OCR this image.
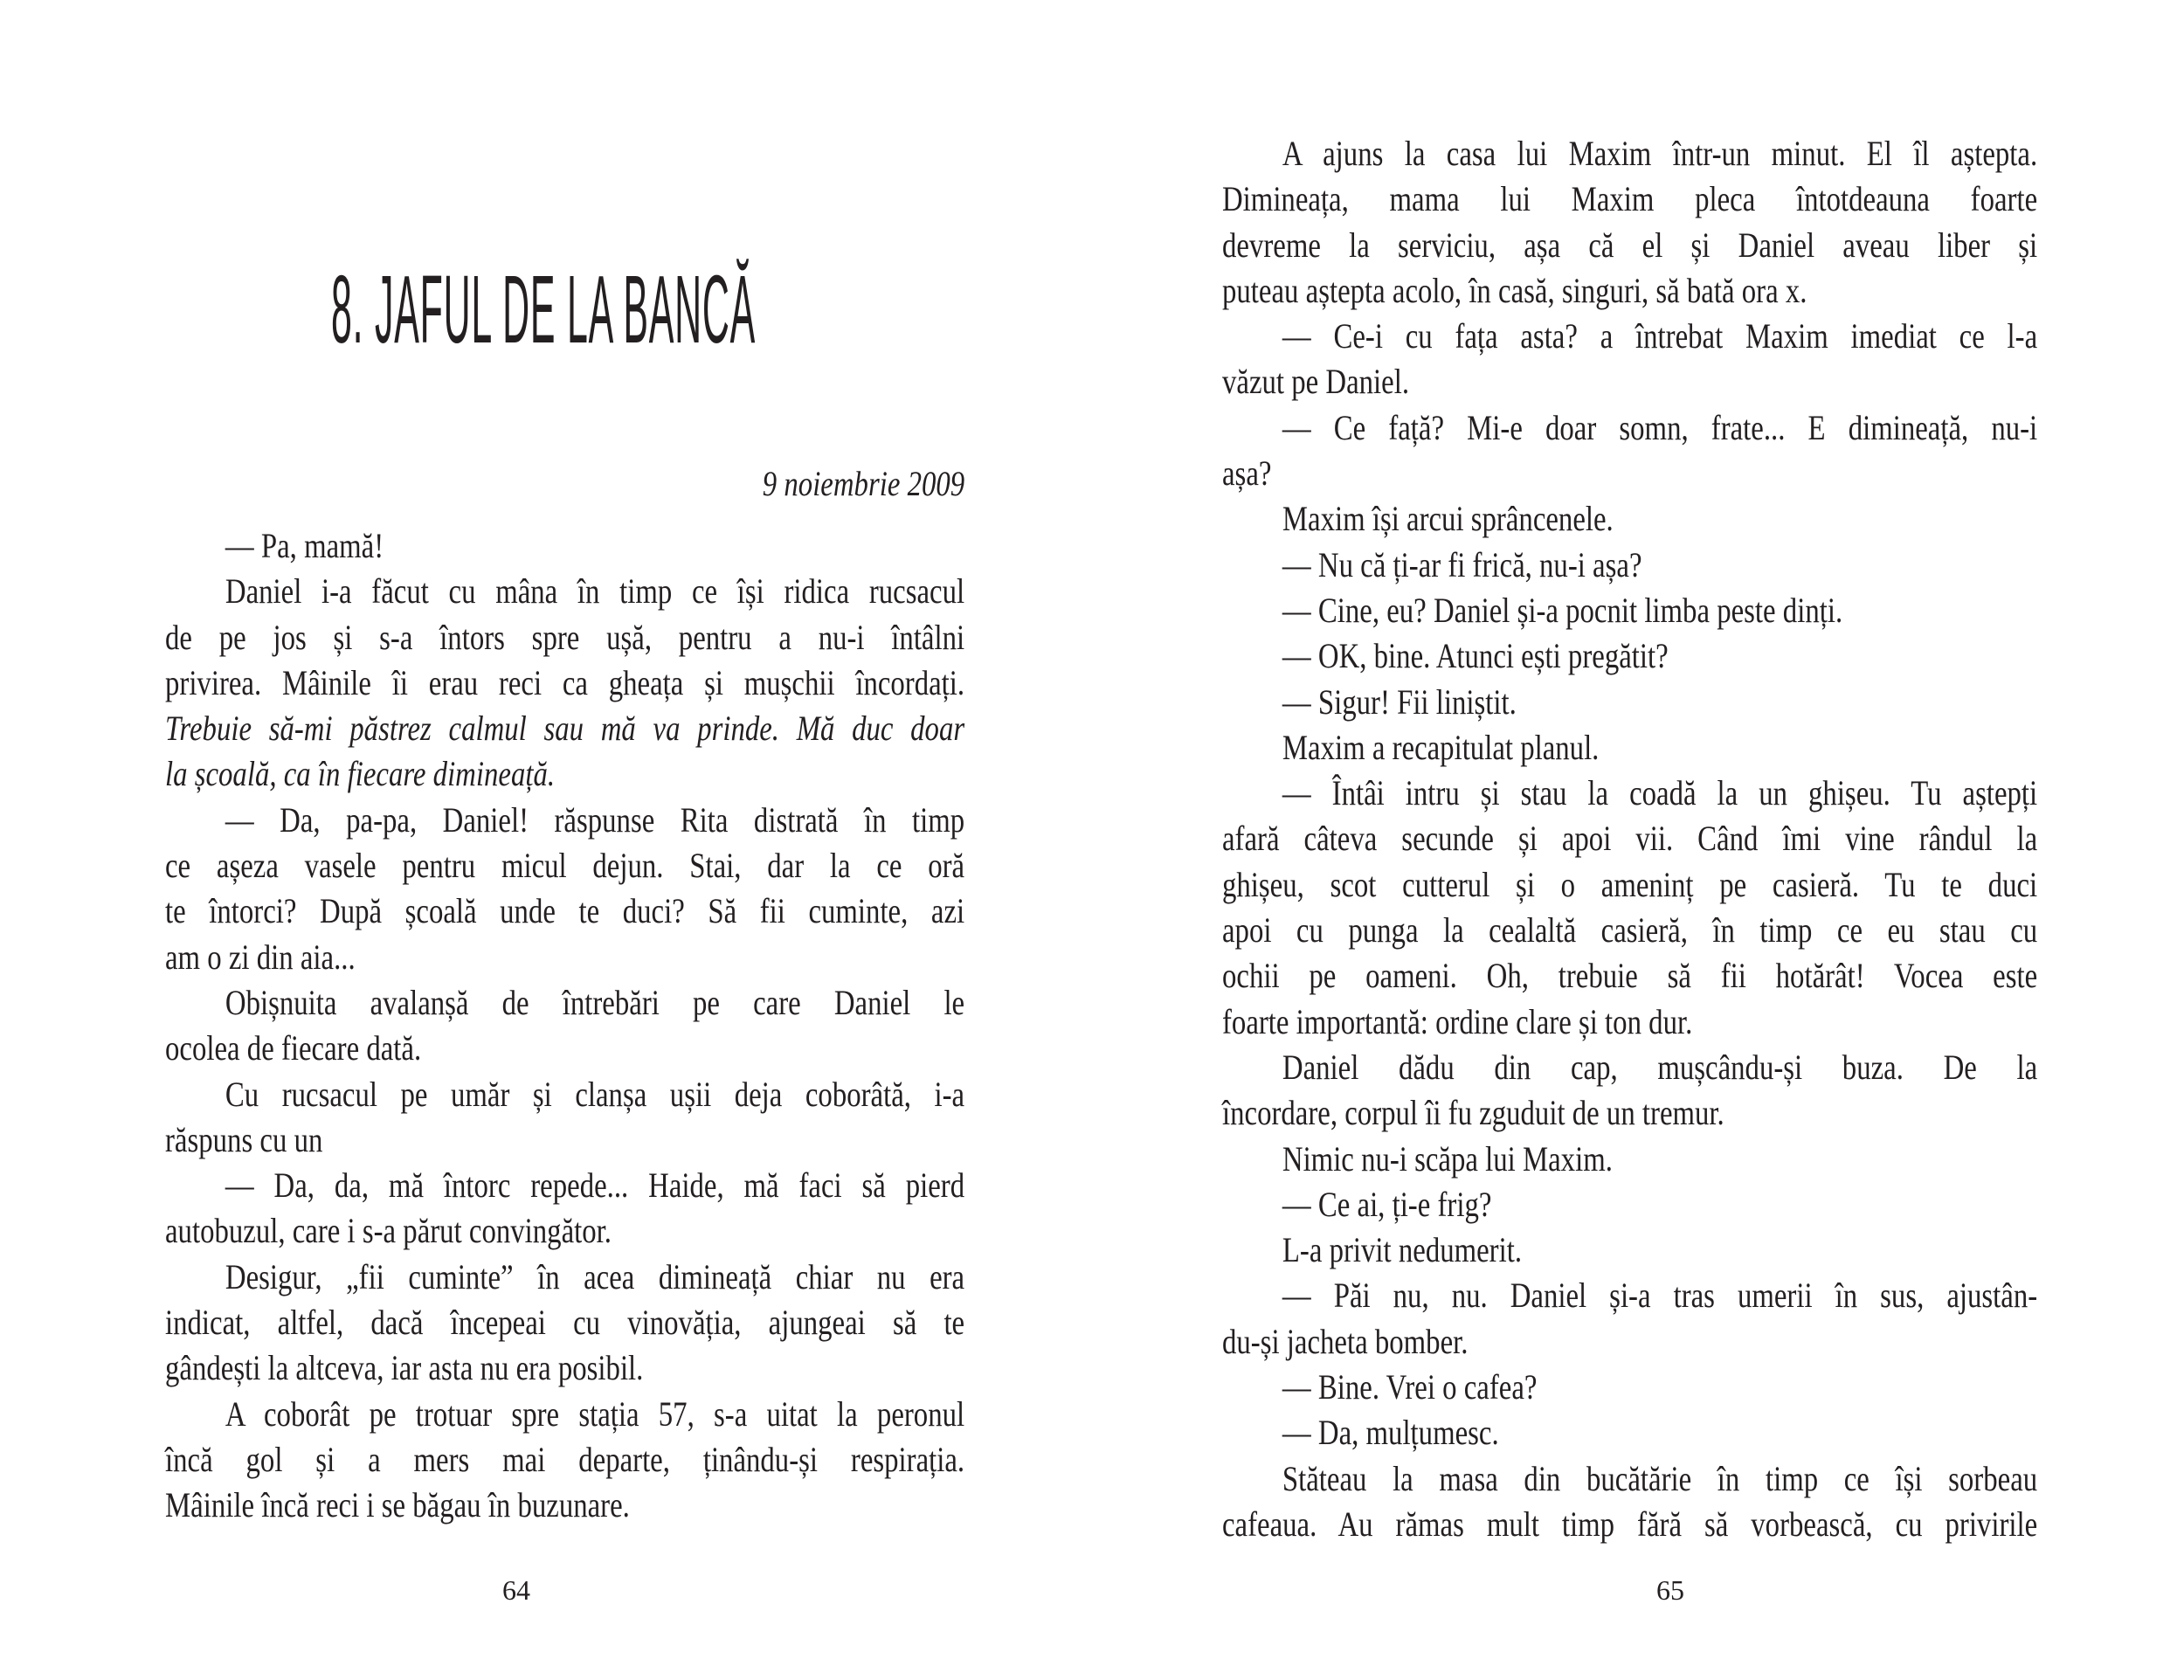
8. JAFUL DE LA BANCĂ
9 noiembrie 2009
— Pa, mamă!
Daniel i-a făcut cu mâna în timp ce își ridica rucsacul
de pe jos și s-a întors spre ușă, pentru a nu-i întâlni
privirea. Mâinile îi erau reci ca gheața și mușchii încordați.
Trebuie să-mi păstrez calmul sau mă va prinde. Mă duc doar
la școală, ca în fiecare dimineață.
— Da, pa-pa, Daniel! răspunse Rita distrată în timp
ce așeza vasele pentru micul dejun. Stai, dar la ce oră
te întorci? După școală unde te duci? Să fii cuminte, azi
am o zi din aia...
Obișnuita avalanșă de întrebări pe care Daniel le
ocolea de fiecare dată.
Cu rucsacul pe umăr și clanșa ușii deja coborâtă, i-a
răspuns cu un
— Da, da, mă întorc repede... Haide, mă faci să pierd
autobuzul, care i s-a părut convingător.
Desigur, „fii cuminte” în acea dimineață chiar nu era
indicat, altfel, dacă începeai cu vinovăția, ajungeai să te
gândești la altceva, iar asta nu era posibil.
A coborât pe trotuar spre stația 57, s-a uitat la peronul
încă gol și a mers mai departe, ținându-și respirația.
Mâinile încă reci i se băgau în buzunare.
64
A ajuns la casa lui Maxim într-un minut. El îl aștepta.
Dimineața, mama lui Maxim pleca întotdeauna foarte
devreme la serviciu, așa că el și Daniel aveau liber și
puteau aștepta acolo, în casă, singuri, să bată ora x.
— Ce-i cu fața asta? a întrebat Maxim imediat ce l-a
văzut pe Daniel.
— Ce față? Mi-e doar somn, frate... E dimineață, nu-i
așa?
Maxim își arcui sprâncenele.
— Nu că ți-ar fi frică, nu-i așa?
— Cine, eu? Daniel și-a pocnit limba peste dinți.
— OK, bine. Atunci ești pregătit?
— Sigur! Fii liniștit.
Maxim a recapitulat planul.
— Întâi intru și stau la coadă la un ghișeu. Tu aștepți
afară câteva secunde și apoi vii. Când îmi vine rândul la
ghișeu, scot cutterul și o ameninț pe casieră. Tu te duci
apoi cu punga la cealaltă casieră, în timp ce eu stau cu
ochii pe oameni. Oh, trebuie să fii hotărât! Vocea este
foarte importantă: ordine clare și ton dur.
Daniel dădu din cap, mușcându-și buza. De la
încordare, corpul îi fu zguduit de un tremur.
Nimic nu-i scăpa lui Maxim.
— Ce ai, ți-e frig?
L-a privit nedumerit.
— Păi nu, nu. Daniel și-a tras umerii în sus, ajustân-
du-și jacheta bomber.
— Bine. Vrei o cafea?
— Da, mulțumesc.
Stăteau la masa din bucătărie în timp ce își sorbeau
cafeaua. Au rămas mult timp fără să vorbească, cu privirile
65
